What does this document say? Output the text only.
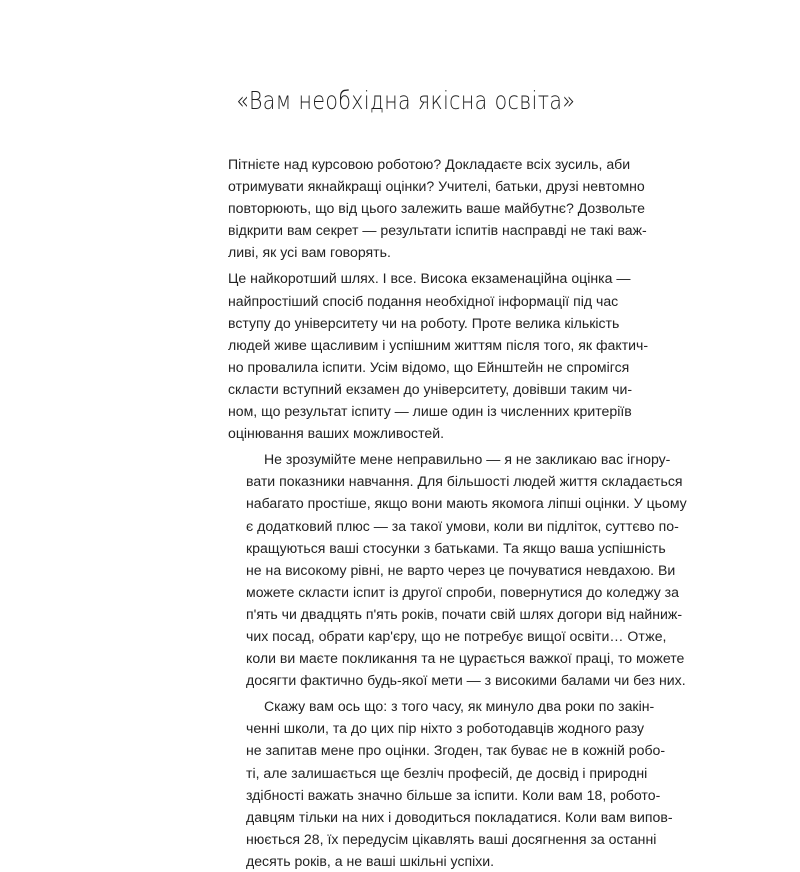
«Вам необхідна якісна освіта»

Пітнієте над курсовою роботою? Докладаєте всіх зусиль, аби
отримувати якнайкращі оцінки? Учителі, батьки, друзі невтомно
повторюють, що від цього залежить ваше майбутнє? Дозвольте
відкрити вам секрет — результати іспитів насправді не такі важ-
ливі, як усі вам говорять.

Це найкоротший шлях. І все. Висока екзаменаційна оцінка —
найпростіший спосіб подання необхідної інформації під час
вступу до університету чи на роботу. Проте велика кількість
людей живе щасливим і успішним життям після того, як фактич-
но провалила іспити. Усім відомо, що Ейнштейн не спромігся
скласти вступний екзамен до університету, довівши таким чи-
ном, що результат іспиту — лише один із численних критеріїв
оцінювання ваших можливостей.

Не зрозумійте мене неправильно — я не закликаю вас ігнору-
вати показники навчання. Для більшості людей життя складається
набагато простіше, якщо вони мають якомога ліпші оцінки. У цьому
є додатковий плюс — за такої умови, коли ви підліток, суттєво по-
кращуються ваші стосунки з батьками. Та якщо ваша успішність
не на високому рівні, не варто через це почуватися невдахою. Ви
можете скласти іспит із другої спроби, повернутися до коледжу за
п'ять чи двадцять п'ять років, почати свій шлях догори від найниж-
чих посад, обрати кар'єру, що не потребує вищої освіти… Отже,
коли ви маєте покликання та не цурається важкої праці, то можете
досягти фактично будь-якої мети — з високими балами чи без них.

Скажу вам ось що: з того часу, як минуло два роки по закін-
ченні школи, та до цих пір ніхто з роботодавців жодного разу
не запитав мене про оцінки. Згоден, так буває не в кожній робо-
ті, але залишається ще безліч професій, де досвід і природні
здібності важать значно більше за іспити. Коли вам 18, робото-
давцям тільки на них і доводиться покладатися. Коли вам випов-
нюється 28, їх передусім цікавлять ваші досягнення за останні
десять років, а не ваші шкільні успіхи.
